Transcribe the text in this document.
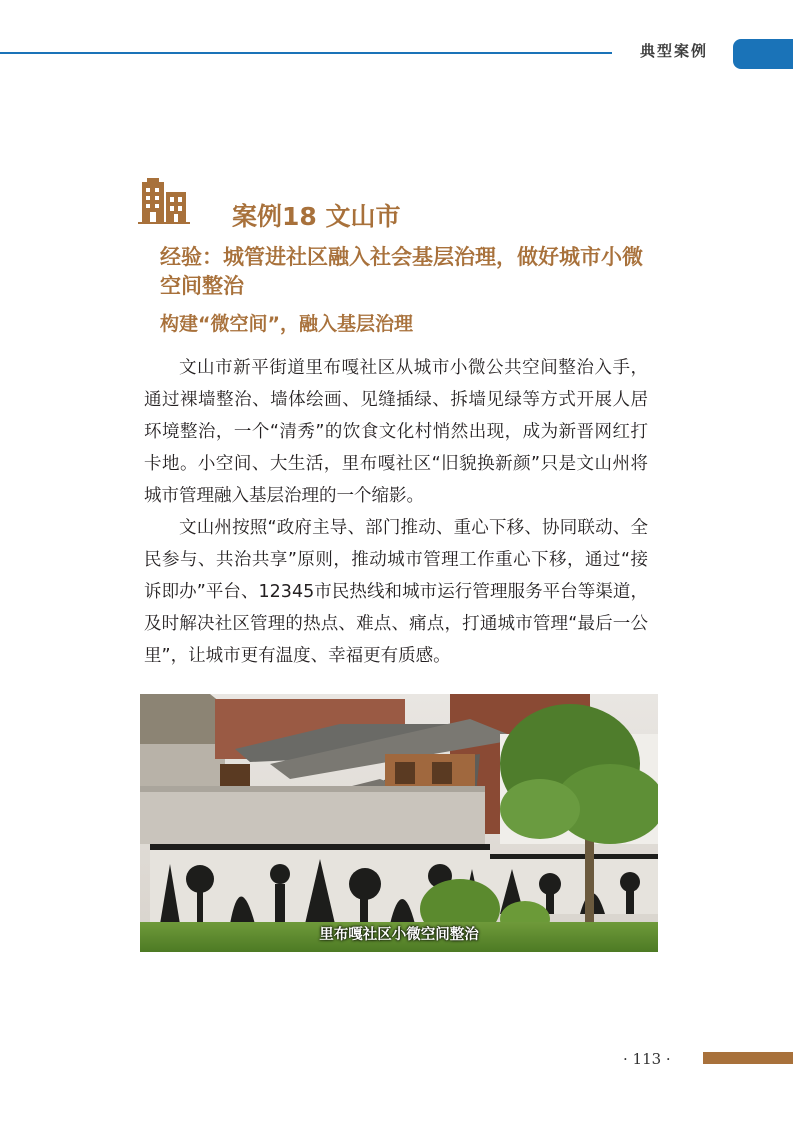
典型案例
案例18 文山市
经验：城管进社区融入社会基层治理，做好城市小微空间整治
构建“微空间”，融入基层治理

文山市新平街道里布嘎社区从城市小微公共空间整治入手，通过裸墙整治、墙体绘画、见缝插绿、拆墙见绿等方式开展人居环境整治，一个“清秀”的饮食文化村悄然出现，成为新晋网红打卡地。小空间、大生活，里布嘎社区“旧貌换新颜”只是文山州将城市管理融入基层治理的一个缩影。

文山州按照“政府主导、部门推动、重心下移、协同联动、全民参与、共治共享”原则，推动城市管理工作重心下移，通过“接诉即办”平台、12345市民热线和城市运行管理服务平台等渠道，及时解决社区管理的热点、难点、痛点，打通城市管理“最后一公里”，让城市更有温度、幸福更有质感。

里布嘎社区小微空间整治
· 113 ·
